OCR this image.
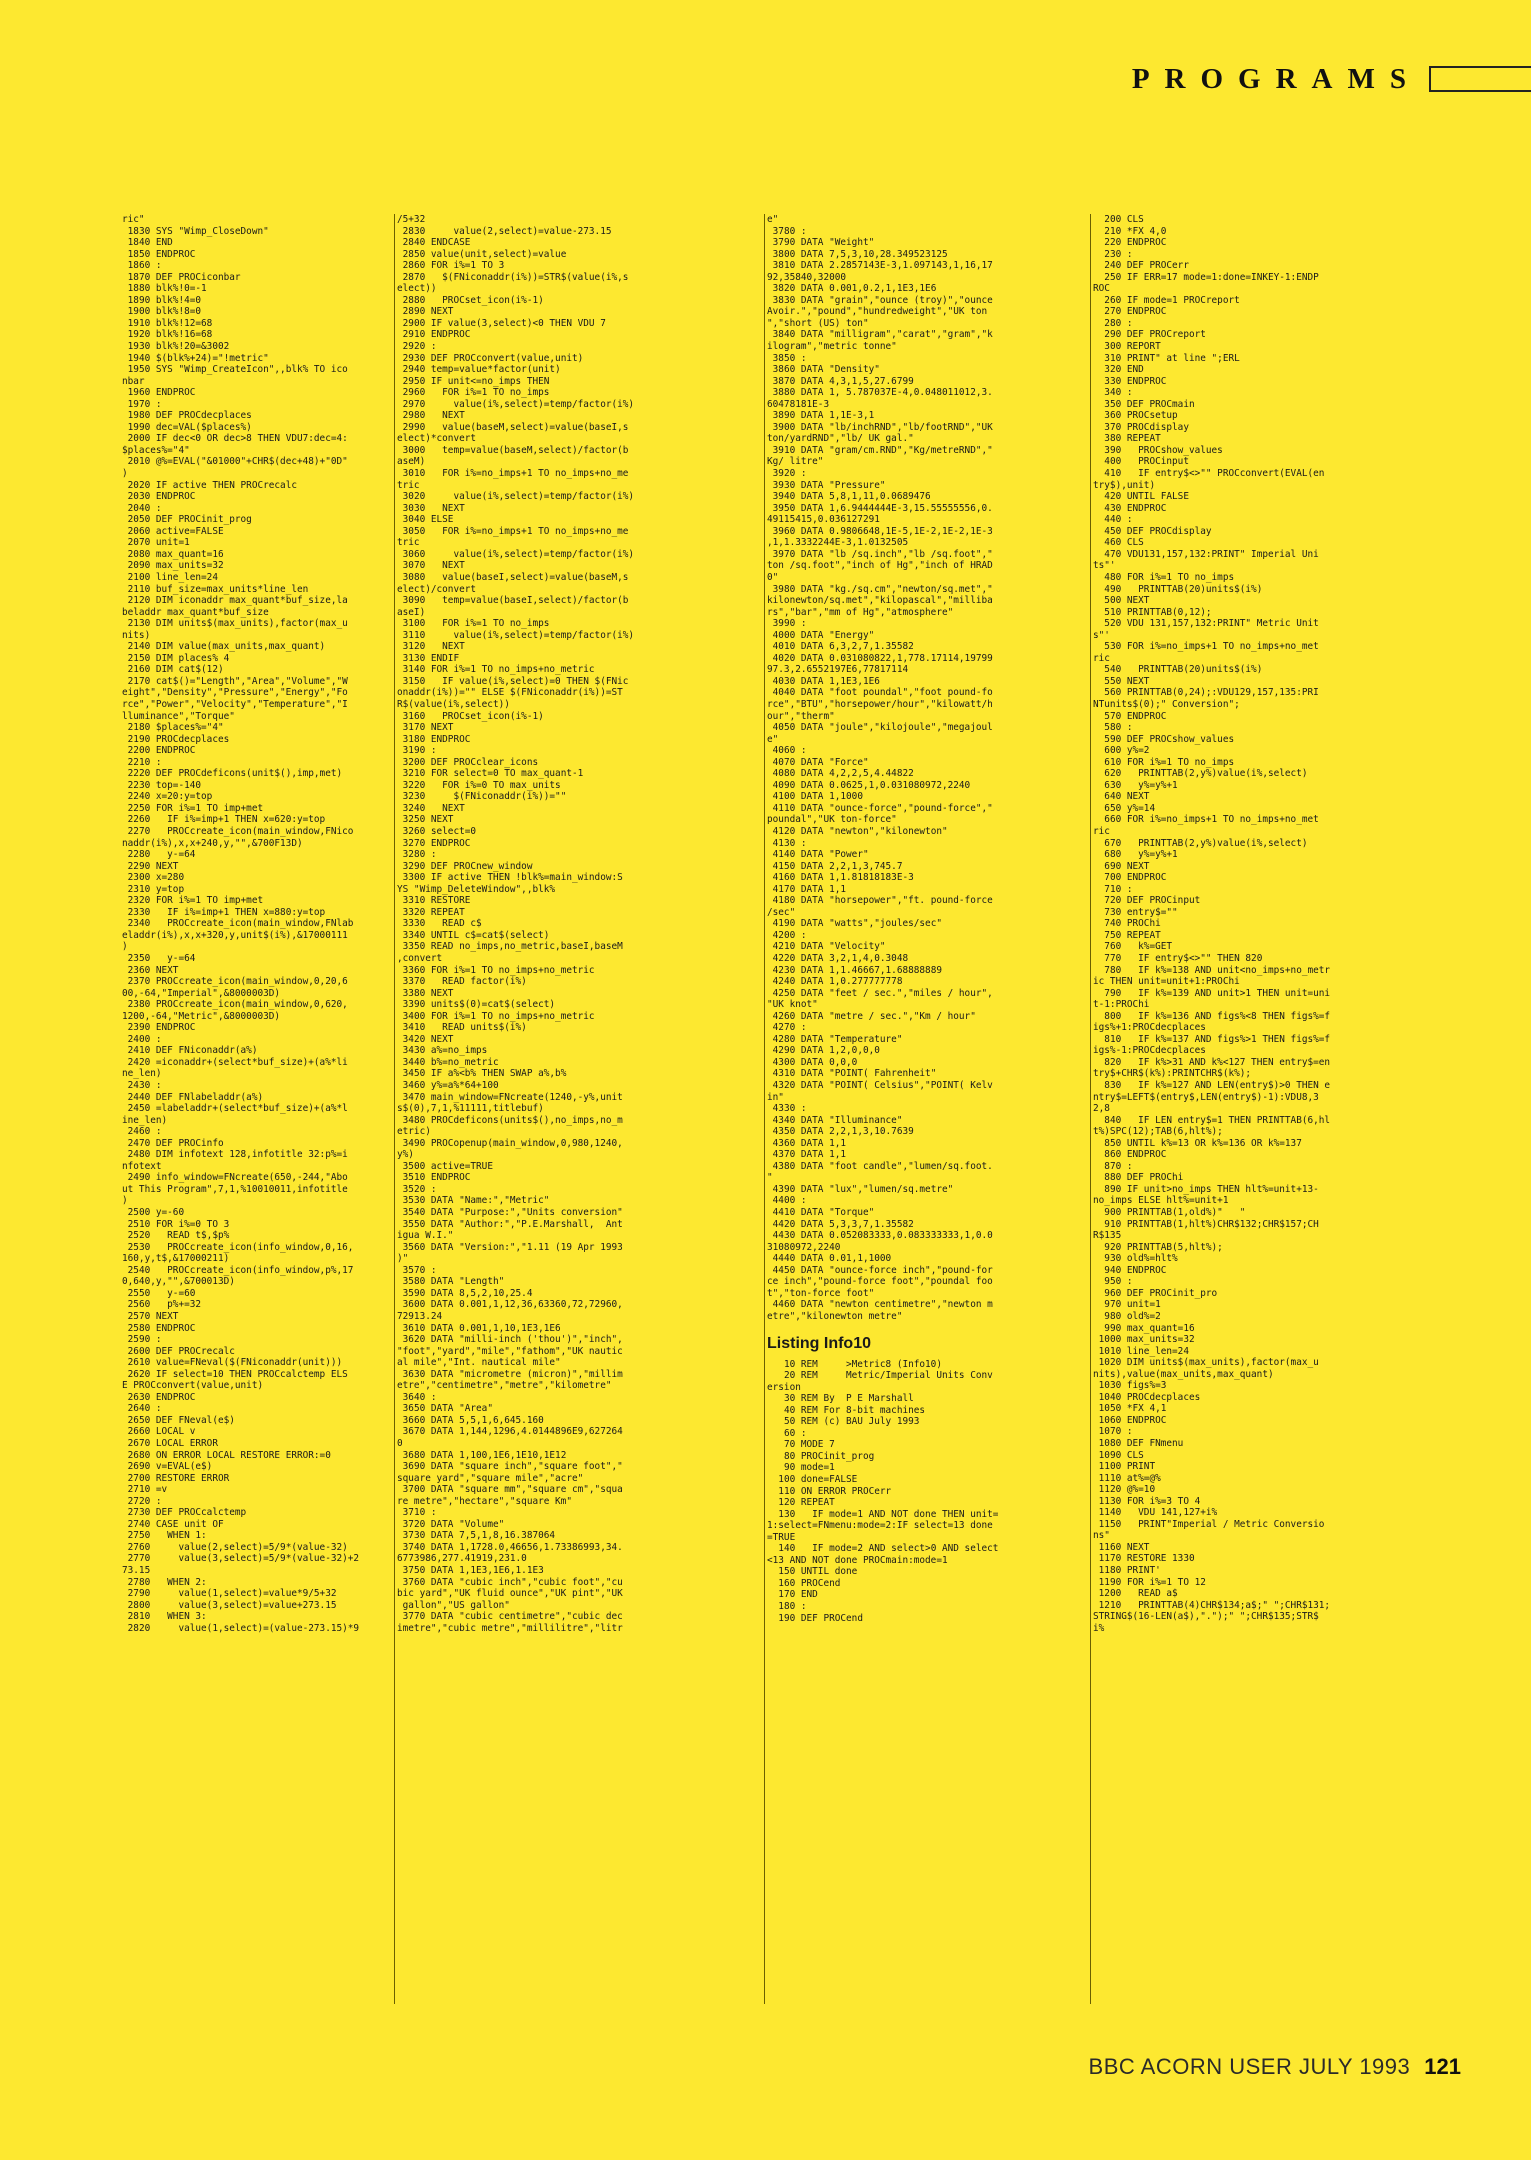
PROGRAMS
ric"
1830 SYS "Wimp_CloseDown"
1840 END
1850 ENDPROC
1860 :
1870 DEF PROCiconbar
1880 blk%!0=-1
1890 blk%!4=0
1900 blk%!8=0
1910 blk%!12=68
1920 blk%!16=68
1930 blk%!20=&3002
1940 $(blk%+24)="!metric"
1950 SYS "Wimp_CreateIcon",,blk% TO ico
nbar
1960 ENDPROC
1970 :
1980 DEF PROCdecplaces
1990 dec=VAL($places%)
2000 IF dec<0 OR dec>8 THEN VDU7:dec=4:
$places%="4"
2010 @%=EVAL("&01000"+CHR$(dec+48)+"0D"
)
2020 IF active THEN PROCrecalc
2030 ENDPROC
2040 :
2050 DEF PROCinit_prog
2060 active=FALSE
2070 unit=1
2080 max_quant=16
2090 max_units=32
2100 line_len=24
2110 buf_size=max_units*line_len
2120 DIM iconaddr max_quant*buf_size,la
beladdr max_quant*buf_size
2130 DIM units$(max_units),factor(max_u
nits)
2140 DIM value(max_units,max_quant)
2150 DIM places% 4
2160 DIM cat$(12)
2170 cat$()="Length","Area","Volume","W
eight","Density","Pressure","Energy","Fo
rce","Power","Velocity","Temperature","I
lluminance","Torque"
2180 $places%="4"
2190 PROCdecplaces
2200 ENDPROC
2210 :
2220 DEF PROCdeficons(unit$(),imp,met)
2230 top=-140
2240 x=20:y=top
2250 FOR i%=1 TO imp+met
2260   IF i%=imp+1 THEN x=620:y=top
2270   PROCcreate_icon(main_window,FNico
naddr(i%),x,x+240,y,"",&700F13D)
2280   y-=64
2290 NEXT
2300 x=280
2310 y=top
2320 FOR i%=1 TO imp+met
2330   IF i%=imp+1 THEN x=880:y=top
2340   PROCcreate_icon(main_window,FNlab
eladdr(i%),x,x+320,y,unit$(i%),&17000111
)
2350   y-=64
2360 NEXT
2370 PROCcreate_icon(main_window,0,20,6
00,-64,"Imperial",&8000003D)
2380 PROCcreate_icon(main_window,0,620,
1200,-64,"Metric",&8000003D)
2390 ENDPROC
2400 :
2410 DEF FNiconaddr(a%)
2420 =iconaddr+(select*buf_size)+(a%*li
ne_len)
2430 :
2440 DEF FNlabeladdr(a%)
2450 =labeladdr+(select*buf_size)+(a%*l
ine_len)
2460 :
2470 DEF PROCinfo
2480 DIM infotext 128,infotitle 32:p%=i
nfotext
2490 info_window=FNcreate(650,-244,"Abo
ut This Program",7,1,%10010011,infotitle
)
2500 y=-60
2510 FOR i%=0 TO 3
2520   READ t$,$p%
2530   PROCcreate_icon(info_window,0,16,
160,y,t$,&17000211)
2540   PROCcreate_icon(info_window,p%,17
0,640,y,"",&700013D)
2550   y-=60
2560   p%+=32
2570 NEXT
2580 ENDPROC
2590 :
2600 DEF PROCrecalc
2610 value=FNeval($(FNiconaddr(unit)))
2620 IF select=10 THEN PROCcalctemp ELS
E PROCconvert(value,unit)
2630 ENDPROC
2640 :
2650 DEF FNeval(e$)
2660 LOCAL v
2670 LOCAL ERROR
2680 ON ERROR LOCAL RESTORE ERROR:=0
2690 v=EVAL(e$)
2700 RESTORE ERROR
2710 =v
2720 :
2730 DEF PROCcalctemp
2740 CASE unit OF
2750   WHEN 1:
2760     value(2,select)=5/9*(value-32)
2770     value(3,select)=5/9*(value-32)+2
73.15
2780   WHEN 2:
2790     value(1,select)=value*9/5+32
2800     value(3,select)=value+273.15
2810   WHEN 3:
2820     value(1,select)=(value-273.15)*9
/5+32
2830     value(2,select)=value-273.15
2840 ENDCASE
2850 value(unit,select)=value
2860 FOR i%=1 TO 3
2870   $(FNiconaddr(i%))=STR$(value(i%,s
elect))
2880   PROCset_icon(i%-1)
2890 NEXT
2900 IF value(3,select)<0 THEN VDU 7
2910 ENDPROC
2920 :
2930 DEF PROCconvert(value,unit)
2940 temp=value*factor(unit)
2950 IF unit<=no_imps THEN
2960   FOR i%=1 TO no_imps
2970     value(i%,select)=temp/factor(i%)
2980   NEXT
2990   value(baseM,select)=value(baseI,s
elect)*convert
3000   temp=value(baseM,select)/factor(b
aseM)
3010   FOR i%=no_imps+1 TO no_imps+no_me
tric
3020     value(i%,select)=temp/factor(i%)
3030   NEXT
3040 ELSE
3050   FOR i%=no_imps+1 TO no_imps+no_me
tric
3060     value(i%,select)=temp/factor(i%)
3070   NEXT
3080   value(baseI,select)=value(baseM,s
elect)/convert
3090   temp=value(baseI,select)/factor(b
aseI)
3100   FOR i%=1 TO no_imps
3110     value(i%,select)=temp/factor(i%)
3120   NEXT
3130 ENDIF
3140 FOR i%=1 TO no_imps+no_metric
3150   IF value(i%,select)=0 THEN $(FNic
onaddr(i%))="" ELSE $(FNiconaddr(i%))=ST
R$(value(i%,select))
3160   PROCset_icon(i%-1)
3170 NEXT
3180 ENDPROC
3190 :
3200 DEF PROCclear_icons
3210 FOR select=0 TO max_quant-1
3220   FOR i%=0 TO max_units
3230     $(FNiconaddr(i%))=""
3240   NEXT
3250 NEXT
3260 select=0
3270 ENDPROC
3280 :
3290 DEF PROCnew_window
3300 IF active THEN !blk%=main_window:S
YS "Wimp_DeleteWindow",,blk%
3310 RESTORE
3320 REPEAT
3330   READ c$
3340 UNTIL c$=cat$(select)
3350 READ no_imps,no_metric,baseI,baseM
,convert
3360 FOR i%=1 TO no_imps+no_metric
3370   READ factor(i%)
3380 NEXT
3390 units$(0)=cat$(select)
3400 FOR i%=1 TO no_imps+no_metric
3410   READ units$(i%)
3420 NEXT
3430 a%=no_imps
3440 b%=no_metric
3450 IF a%<b% THEN SWAP a%,b%
3460 y%=a%*64+100
3470 main_window=FNcreate(1240,-y%,unit
s$(0),7,1,%11111,titlebuf)
3480 PROCdeficons(units$(),no_imps,no_m
etric)
3490 PROCopenup(main_window,0,980,1240,
y%)
3500 active=TRUE
3510 ENDPROC
3520 :
3530 DATA "Name:","Metric"
3540 DATA "Purpose:","Units conversion"
3550 DATA "Author:","P.E.Marshall,  Ant
igua W.I."
3560 DATA "Version:","1.11 (19 Apr 1993
)"
3570 :
3580 DATA "Length"
3590 DATA 8,5,2,10,25.4
3600 DATA 0.001,1,12,36,63360,72,72960,
72913.24
3610 DATA 0.001,1,10,1E3,1E6
3620 DATA "milli-inch ('thou')","inch",
"foot","yard","mile","fathom","UK nautic
al mile","Int. nautical mile"
3630 DATA "micrometre (micron)","millim
etre","centimetre","metre","kilometre"
3640 :
3650 DATA "Area"
3660 DATA 5,5,1,6,645.160
3670 DATA 1,144,1296,4.0144896E9,627264
0
3680 DATA 1,100,1E6,1E10,1E12
3690 DATA "square inch","square foot","
square yard","square mile","acre"
3700 DATA "square mm","square cm","squa
re metre","hectare","square Km"
3710 :
3720 DATA "Volume"
3730 DATA 7,5,1,8,16.387064
3740 DATA 1,1728.0,46656,1.73386993,34.
6773986,277.41919,231.0
3750 DATA 1,1E3,1E6,1.1E3
3760 DATA "cubic inch","cubic foot","cu
bic yard","UK fluid ounce","UK pint","UK
gallon","US gallon"
3770 DATA "cubic centimetre","cubic dec
imetre","cubic metre","millilitre","litr
e"
3780 :
3790 DATA "Weight"
3800 DATA 7,5,3,10,28.349523125
3810 DATA 2.2857143E-3,1.097143,1,16,17
92,35840,32000
3820 DATA 0.001,0.2,1,1E3,1E6
3830 DATA "grain","ounce (troy)","ounce
Avoir.","pound","hundredweight","UK ton
","short (US) ton"
3840 DATA "milligram","carat","gram","k
ilogram","metric tonne"
3850 :
3860 DATA "Density"
3870 DATA 4,3,1,5,27.6799
3880 DATA 1, 5.787037E-4,0.048011012,3.
60478181E-3
3890 DATA 1,1E-3,1
3900 DATA "lb/inchRND","lb/footRND","UK
ton/yardRND","lb/ UK gal."
3910 DATA "gram/cm.RND","Kg/metreRND","
Kg/ litre"
3920 :
3930 DATA "Pressure"
3940 DATA 5,8,1,11,0.0689476
3950 DATA 1,6.9444444E-3,15.55555556,0.
49115415,0.036127291
3960 DATA 0.9806648,1E-5,1E-2,1E-2,1E-3
,1,1.3332244E-3,1.0132505
3970 DATA "lb /sq.inch","lb /sq.foot","
ton /sq.foot","inch of Hg","inch of HRAD
0"
3980 DATA "kg./sq.cm","newton/sq.met","
kilonewton/sq.met","kilopascal","milliba
rs","bar","mm of Hg","atmosphere"
3990 :
4000 DATA "Energy"
4010 DATA 6,3,2,7,1.35582
4020 DATA 0.031080822,1,778.17114,19799
97.3,2.6552197E6,77817114
4030 DATA 1,1E3,1E6
4040 DATA "foot poundal","foot pound-fo
rce","BTU","horsepower/hour","kilowatt/h
our","therm"
4050 DATA "joule","kilojoule","megajoul
e"
4060 :
4070 DATA "Force"
4080 DATA 4,2,2,5,4.44822
4090 DATA 0.0625,1,0.031080972,2240
4100 DATA 1,1000
4110 DATA "ounce-force","pound-force","
poundal","UK ton-force"
4120 DATA "newton","kilonewton"
4130 :
4140 DATA "Power"
4150 DATA 2,2,1,3,745.7
4160 DATA 1,1.81818183E-3
4170 DATA 1,1
4180 DATA "horsepower","ft. pound-force
/sec"
4190 DATA "watts","joules/sec"
4200 :
4210 DATA "Velocity"
4220 DATA 3,2,1,4,0.3048
4230 DATA 1,1.46667,1.68888889
4240 DATA 1,0.277777778
4250 DATA "feet / sec.","miles / hour",
"UK knot"
4260 DATA "metre / sec.","Km / hour"
4270 :
4280 DATA "Temperature"
4290 DATA 1,2,0,0,0
4300 DATA 0,0,0
4310 DATA "POINT( Fahrenheit"
4320 DATA "POINT( Celsius","POINT( Kelv
in"
4330 :
4340 DATA "Illuminance"
4350 DATA 2,2,1,3,10.7639
4360 DATA 1,1
4370 DATA 1,1
4380 DATA "foot candle","lumen/sq.foot.
"
4390 DATA "lux","lumen/sq.metre"
4400 :
4410 DATA "Torque"
4420 DATA 5,3,3,7,1.35582
4430 DATA 0.052083333,0.083333333,1,0.0
31080972,2240
4440 DATA 0.01,1,1000
4450 DATA "ounce-force inch","pound-for
ce inch","pound-force foot","poundal foo
t","ton-force foot"
4460 DATA "newton centimetre","newton m
etre","kilonewton metre"
Listing Info10
10 REM     >Metric8 (Info10)
20 REM     Metric/Imperial Units Conv
ersion
30 REM By  P E Marshall
40 REM For 8-bit machines
50 REM (c) BAU July 1993
60 :
70 MODE 7
80 PROCinit_prog
90 mode=1
100 done=FALSE
110 ON ERROR PROCerr
120 REPEAT
130   IF mode=1 AND NOT done THEN unit=
1:select=FNmenu:mode=2:IF select=13 done
=TRUE
140   IF mode=2 AND select>0 AND select
<13 AND NOT done PROCmain:mode=1
150 UNTIL done
160 PROCend
170 END
180 :
190 DEF PROCend
200 CLS
210 *FX 4,0
220 ENDPROC
230 :
240 DEF PROCerr
250 IF ERR=17 mode=1:done=INKEY-1:ENDP
ROC
260 IF mode=1 PROCreport
270 ENDPROC
280 :
290 DEF PROCreport
300 REPORT
310 PRINT" at line ";ERL
320 END
330 ENDPROC
340 :
350 DEF PROCmain
360 PROCsetup
370 PROCdisplay
380 REPEAT
390   PROCshow_values
400   PROCinput
410   IF entry$<>"" PROCconvert(EVAL(en
try$),unit)
420 UNTIL FALSE
430 ENDPROC
440 :
450 DEF PROCdisplay
460 CLS
470 VDU131,157,132:PRINT" Imperial Uni
ts"'
480 FOR i%=1 TO no_imps
490   PRINTTAB(20)units$(i%)
500 NEXT
510 PRINTTAB(0,12);
520 VDU 131,157,132:PRINT" Metric Unit
s"'
530 FOR i%=no_imps+1 TO no_imps+no_met
ric
540   PRINTTAB(20)units$(i%)
550 NEXT
560 PRINTTAB(0,24);:VDU129,157,135:PRI
NTunits$(0);" Conversion";
570 ENDPROC
580 :
590 DEF PROCshow_values
600 y%=2
610 FOR i%=1 TO no_imps
620   PRINTTAB(2,y%)value(i%,select)
630   y%=y%+1
640 NEXT
650 y%=14
660 FOR i%=no_imps+1 TO no_imps+no_met
ric
670   PRINTTAB(2,y%)value(i%,select)
680   y%=y%+1
690 NEXT
700 ENDPROC
710 :
720 DEF PROCinput
730 entry$=""
740 PROChi
750 REPEAT
760   k%=GET
770   IF entry$<>"" THEN 820
780   IF k%=138 AND unit<no_imps+no_metr
ic THEN unit=unit+1:PROChi
790   IF k%=139 AND unit>1 THEN unit=uni
t-1:PROChi
800   IF k%=136 AND figs%<8 THEN figs%=f
igs%+1:PROCdecplaces
810   IF k%=137 AND figs%>1 THEN figs%=f
igs%-1:PROCdecplaces
820   IF k%>31 AND k%<127 THEN entry$=en
try$+CHR$(k%):PRINTCHR$(k%);
830   IF k%=127 AND LEN(entry$)>0 THEN e
ntry$=LEFT$(entry$,LEN(entry$)-1):VDU8,3
2,8
840   IF LEN entry$=1 THEN PRINTTAB(6,hl
t%)SPC(12);TAB(6,hlt%);
850 UNTIL k%=13 OR k%=136 OR k%=137
860 ENDPROC
870 :
880 DEF PROChi
890 IF unit>no_imps THEN hlt%=unit+13-
no_imps ELSE hlt%=unit+1
900 PRINTTAB(1,old%)"   "
910 PRINTTAB(1,hlt%)CHR$132;CHR$157;CH
R$135
920 PRINTTAB(5,hlt%);
930 old%=hlt%
940 ENDPROC
950 :
960 DEF PROCinit_pro
970 unit=1
980 old%=2
990 max_quant=16
1000 max_units=32
1010 line_len=24
1020 DIM units$(max_units),factor(max_u
nits),value(max_units,max_quant)
1030 figs%=3
1040 PROCdecplaces
1050 *FX 4,1
1060 ENDPROC
1070 :
1080 DEF FNmenu
1090 CLS
1100 PRINT
1110 at%=@%
1120 @%=10
1130 FOR i%=3 TO 4
1140   VDU 141,127+i%
1150   PRINT"Imperial / Metric Conversio
ns"
1160 NEXT
1170 RESTORE 1330
1180 PRINT'
1190 FOR i%=1 TO 12
1200   READ a$
1210   PRINTTAB(4)CHR$134;a$;" ";CHR$131;
STRING$(16-LEN(a$),".");" ";CHR$135;STR$
i%
BBC ACORN USER JULY 1993 121
